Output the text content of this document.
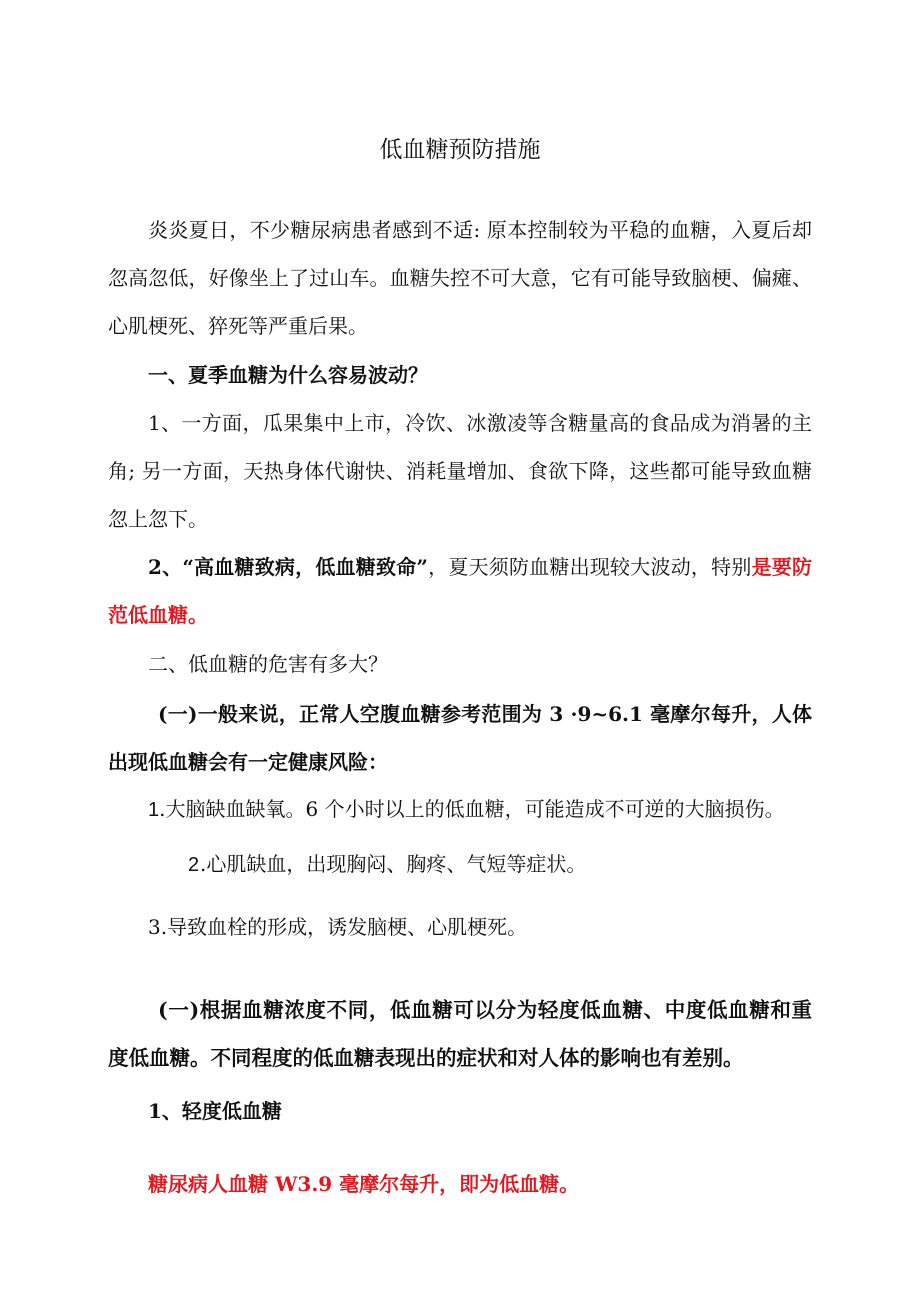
低血糖预防措施

炎炎夏日，不少糖尿病患者感到不适: 原本控制较为平稳的血糖，入夏后却忽高忽低，好像坐上了过山车。血糖失控不可大意，它有可能导致脑梗、偏瘫、心肌梗死、猝死等严重后果。

一、夏季血糖为什么容易波动？

1、一方面，瓜果集中上市，冷饮、冰激凌等含糖量高的食品成为消暑的主角; 另一方面，天热身体代谢快、消耗量增加、食欲下降，这些都可能导致血糖忽上忽下。

2、“高血糖致病，低血糖致命”，夏天须防血糖出现较大波动，特别是要防范低血糖。

二、低血糖的危害有多大？

(一)一般来说，正常人空腹血糖参考范围为 3 ·9~6.1 毫摩尔每升，人体出现低血糖会有一定健康风险：

1.大脑缺血缺氧。6 个小时以上的低血糖，可能造成不可逆的大脑损伤。

2.心肌缺血，出现胸闷、胸疼、气短等症状。

3.导致血栓的形成，诱发脑梗、心肌梗死。

(一)根据血糖浓度不同，低血糖可以分为轻度低血糖、中度低血糖和重度低血糖。不同程度的低血糖表现出的症状和对人体的影响也有差别。

1、轻度低血糖

糖尿病人血糖 W3.9 毫摩尔每升，即为低血糖。
